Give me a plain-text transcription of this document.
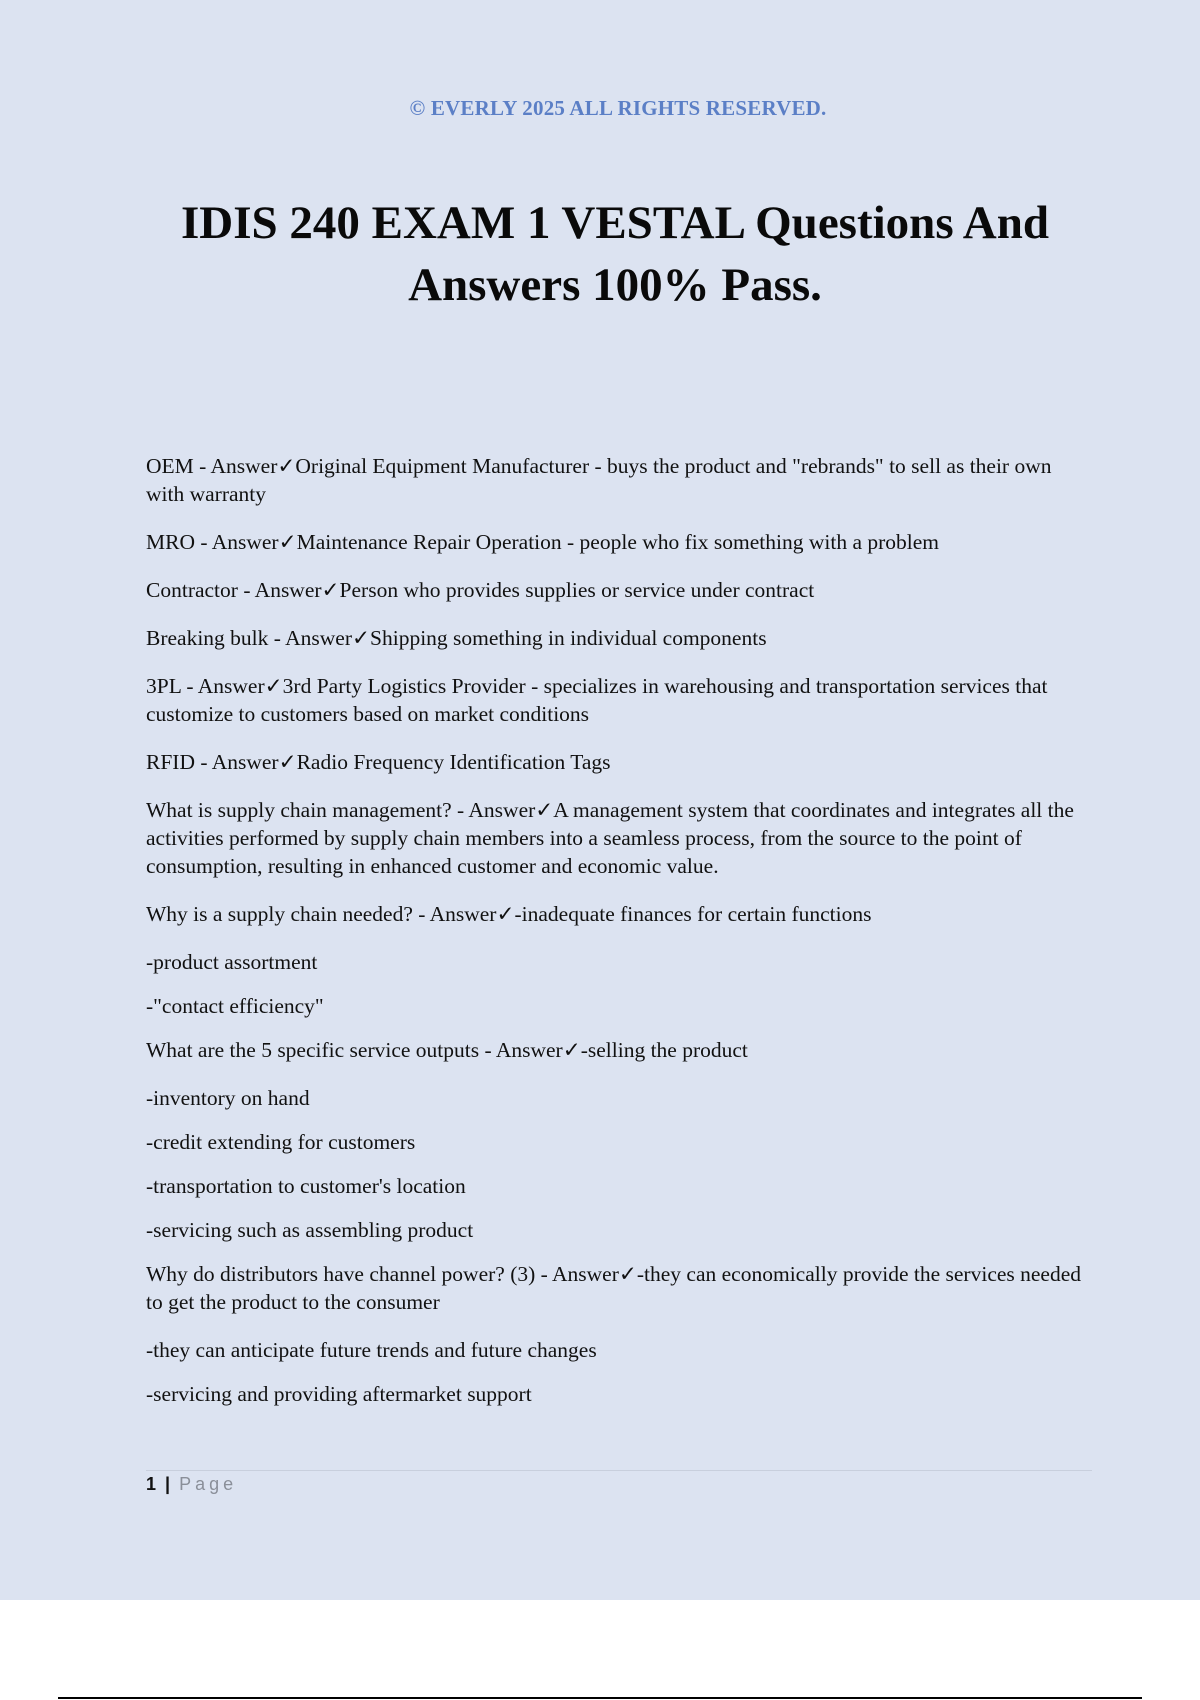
© EVERLY 2025 ALL RIGHTS RESERVED.
IDIS 240 EXAM 1 VESTAL Questions And Answers 100% Pass.

OEM - Answer✓Original Equipment Manufacturer - buys the product and "rebrands" to sell as their own with warranty

MRO - Answer✓Maintenance Repair Operation - people who fix something with a problem

Contractor - Answer✓Person who provides supplies or service under contract

Breaking bulk - Answer✓Shipping something in individual components

3PL - Answer✓3rd Party Logistics Provider - specializes in warehousing and transportation services that customize to customers based on market conditions

RFID - Answer✓Radio Frequency Identification Tags

What is supply chain management? - Answer✓A management system that coordinates and integrates all the activities performed by supply chain members into a seamless process, from the source to the point of consumption, resulting in enhanced customer and economic value.

Why is a supply chain needed? - Answer✓-inadequate finances for certain functions

-product assortment

-"contact efficiency"

What are the 5 specific service outputs - Answer✓-selling the product

-inventory on hand

-credit extending for customers

-transportation to customer's location

-servicing such as assembling product

Why do distributors have channel power? (3) - Answer✓-they can economically provide the services needed to get the product to the consumer

-they can anticipate future trends and future changes

-servicing and providing aftermarket support

1 | Page
